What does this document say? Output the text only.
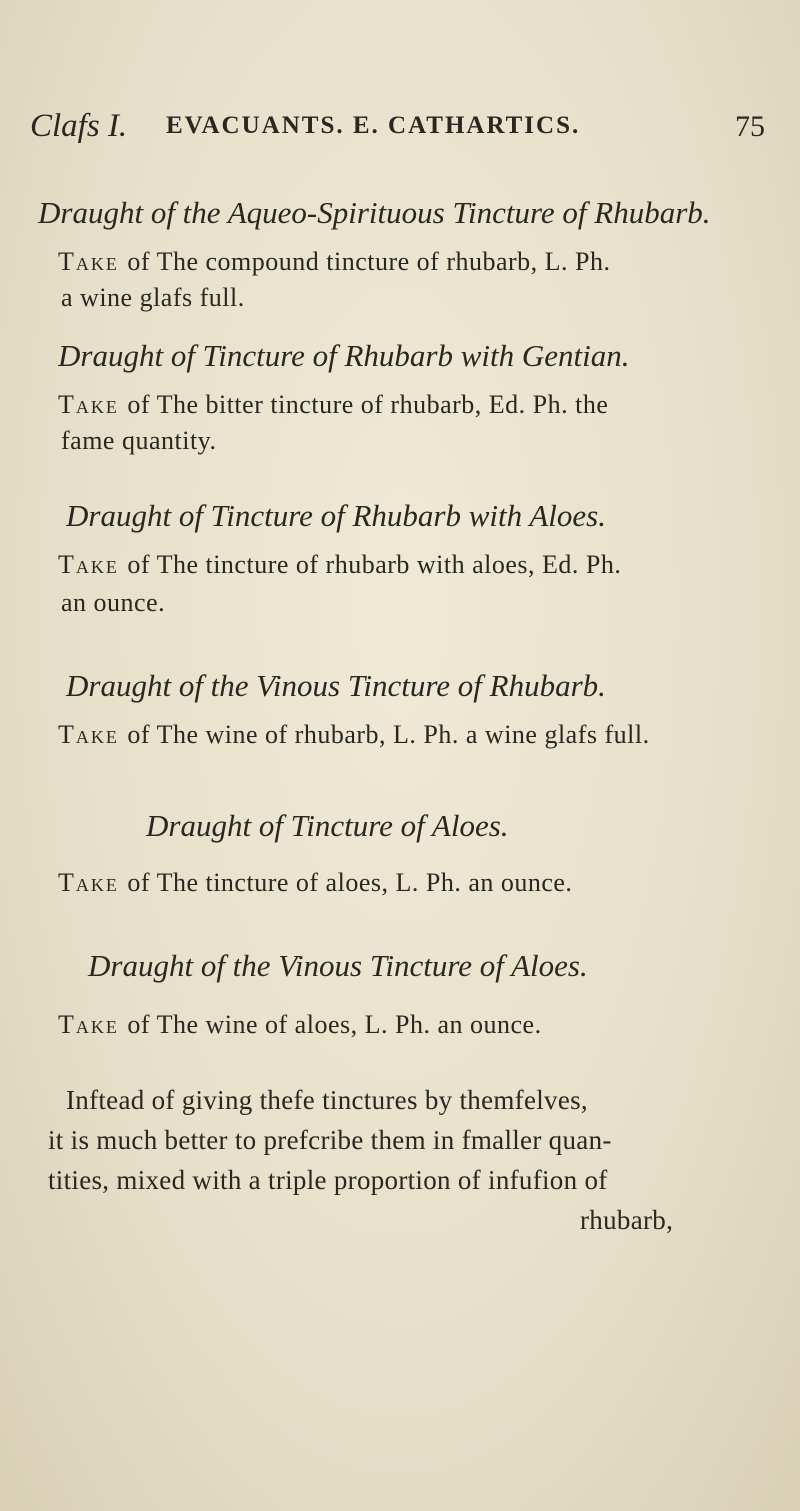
Clafs I. EVACUANTS. E. CATHARTICS.	75
Draught of the Aqueo-Spirituous Tincture of Rhubarb.
Take of The compound tincture of rhubarb, L. Ph.
a wine glafs full.
Draught of Tincture of Rhubarb with Gentian.
Take of The bitter tincture of rhubarb, Ed. Ph. the
fame quantity.
Draught of Tincture of Rhubarb with Aloes.
Take of The tincture of rhubarb with aloes, Ed. Ph.
an ounce.
Draught of the Vinous Tincture of Rhubarb.
Take of The wine of rhubarb, L. Ph. a wine glafs full.
Draught of Tincture of Aloes.
Take of The tincture of aloes, L. Ph. an ounce.
Draught of the Vinous Tincture of Aloes.
Take of The wine of aloes, L. Ph. an ounce.
Inftead of giving thefe tinctures by themfelves,
it is much better to prefcribe them in fmaller quan-
tities, mixed with a triple proportion of infufion of
rhubarb,
